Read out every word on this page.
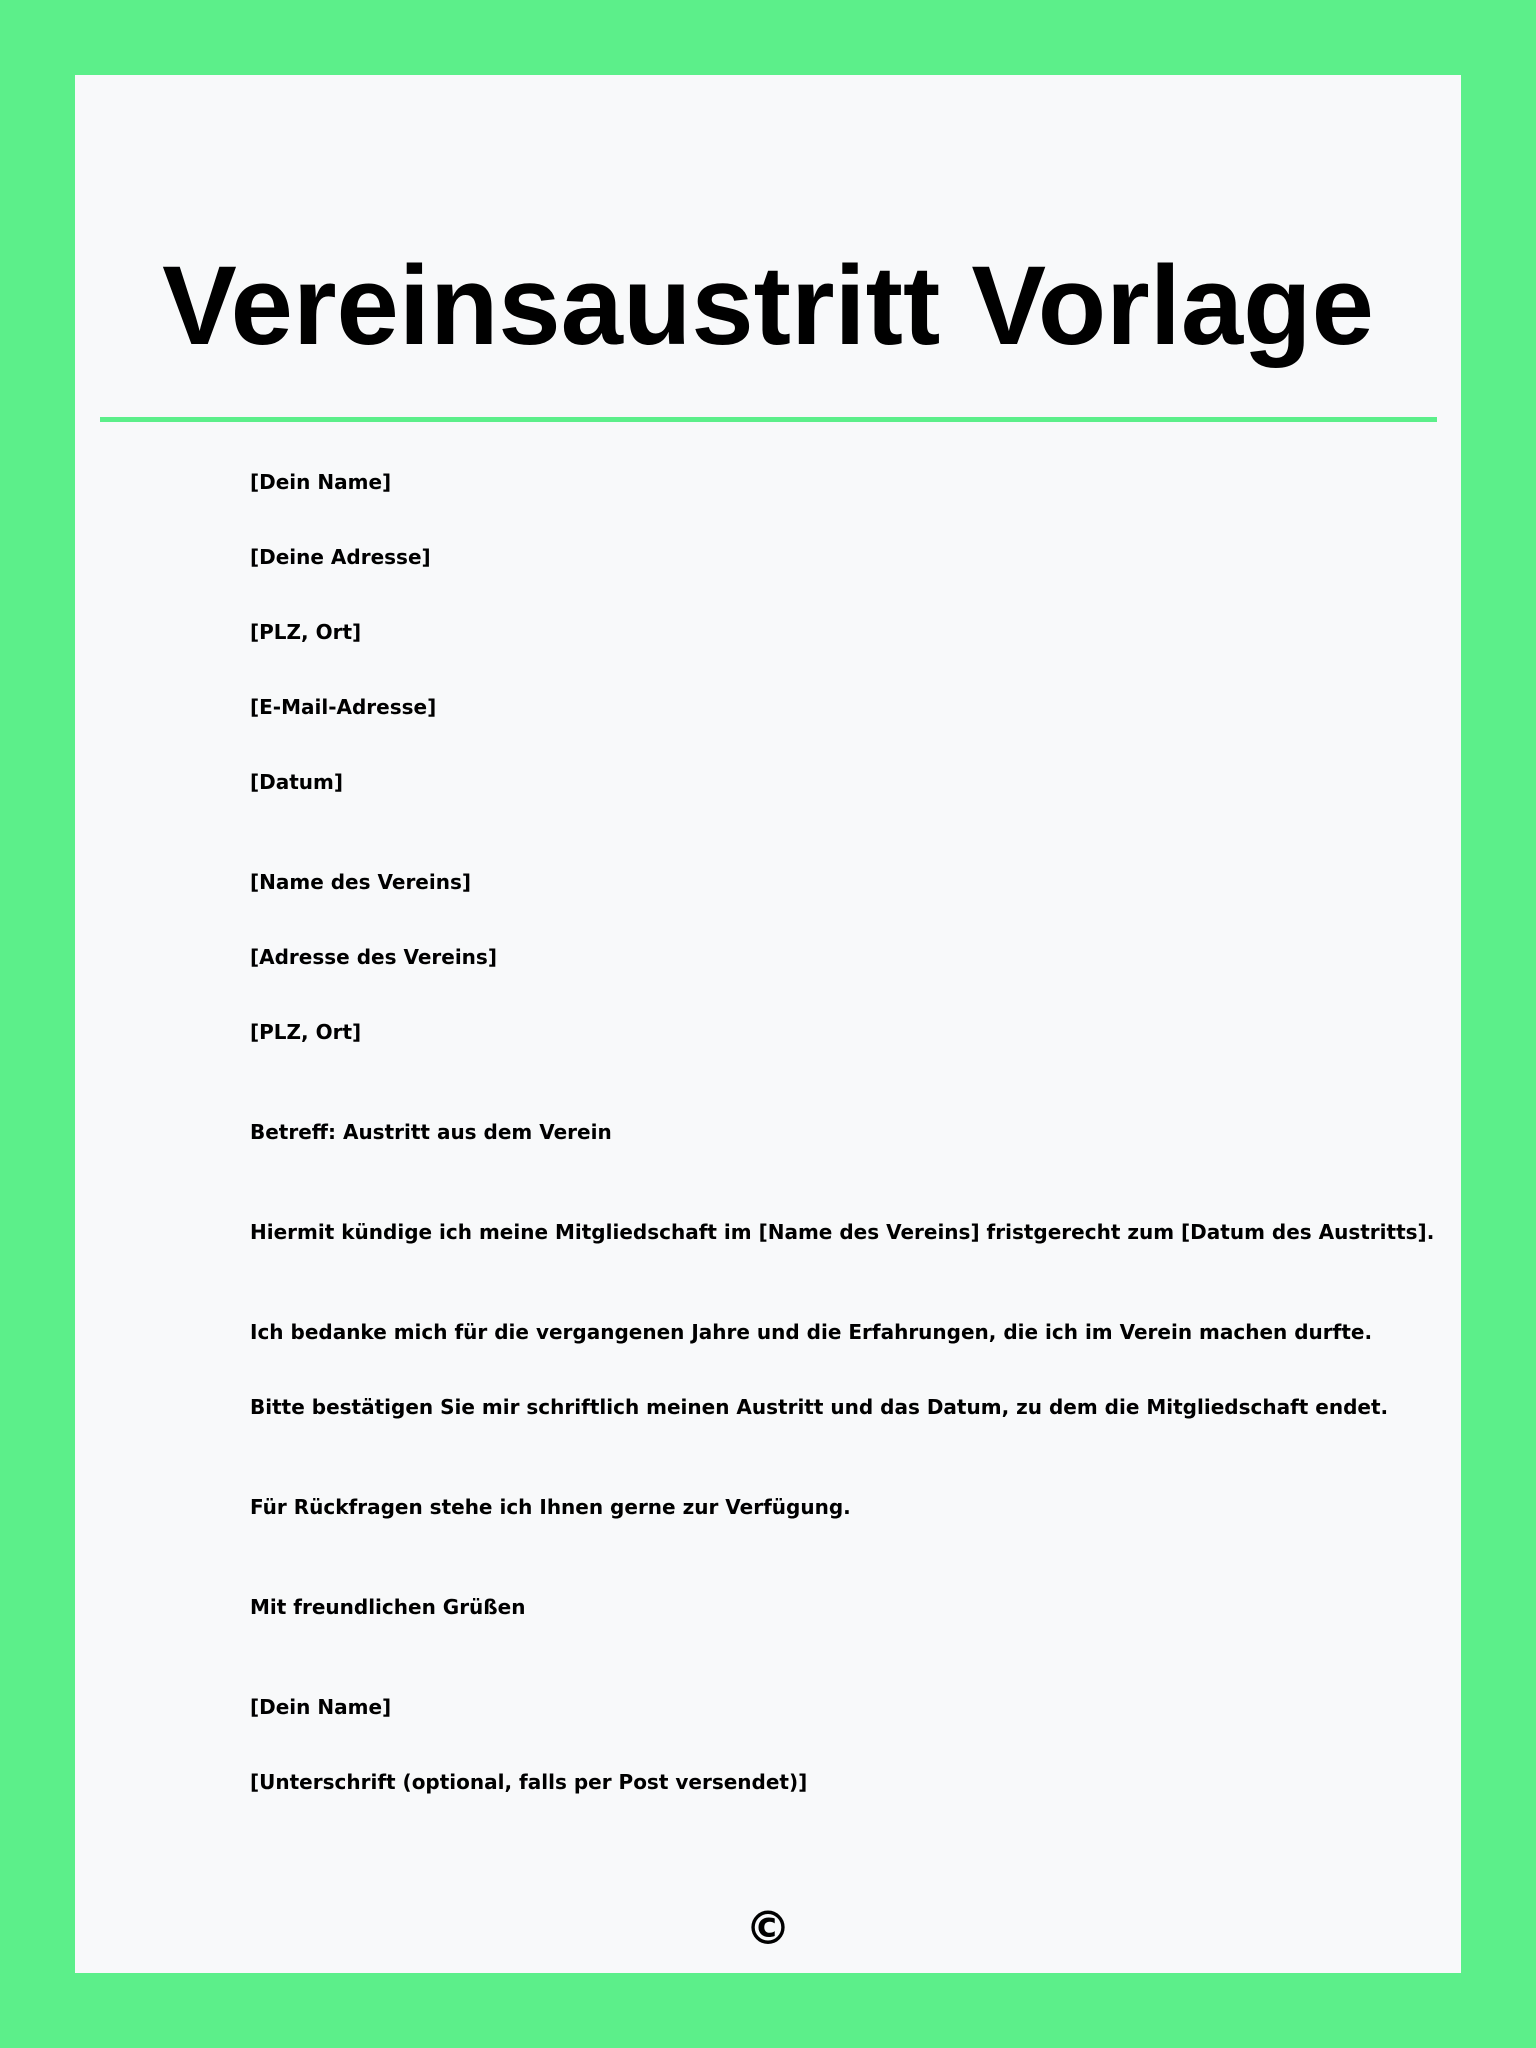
Vereinsaustritt Vorlage

[Dein Name]

[Deine Adresse]

[PLZ, Ort]

[E-Mail-Adresse]

[Datum]

[Name des Vereins]

[Adresse des Vereins]

[PLZ, Ort]

Betreff: Austritt aus dem Verein

Hiermit kündige ich meine Mitgliedschaft im [Name des Vereins] fristgerecht zum [Datum des Austritts].

Ich bedanke mich für die vergangenen Jahre und die Erfahrungen, die ich im Verein machen durfte.

Bitte bestätigen Sie mir schriftlich meinen Austritt und das Datum, zu dem die Mitgliedschaft endet.

Für Rückfragen stehe ich Ihnen gerne zur Verfügung.

Mit freundlichen Grüßen

[Dein Name]

[Unterschrift (optional, falls per Post versendet)]

©
